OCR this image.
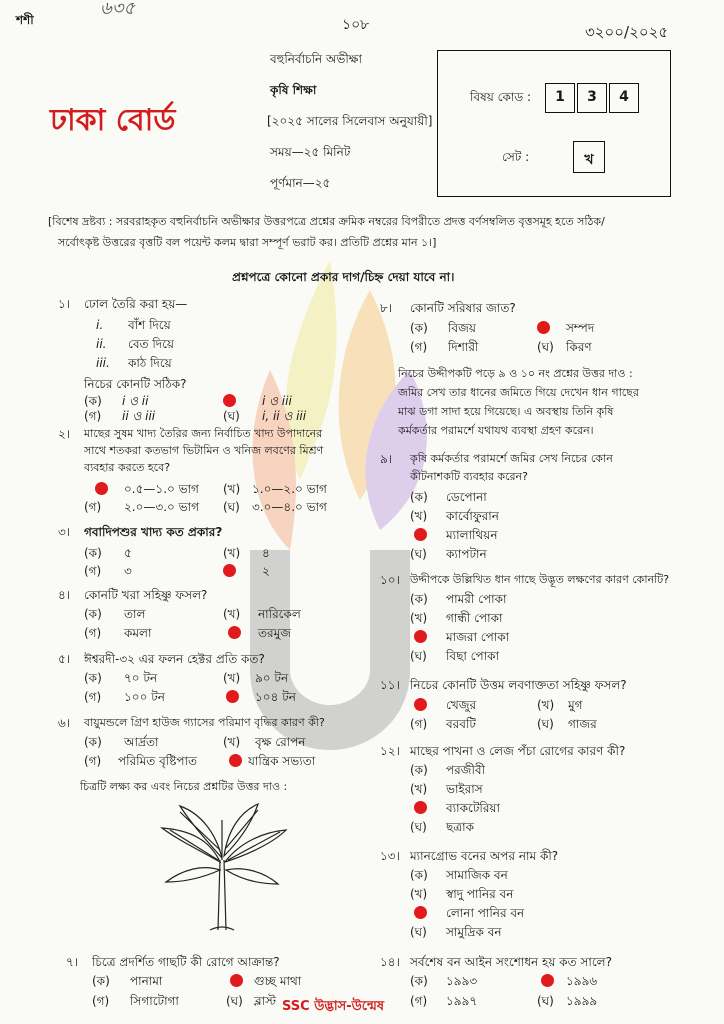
শশী
৬৩৫
১০৮	৩২০০/২০২৫
ঢাকা বোর্ড
বহুনির্বাচনি অভীক্ষা
কৃষি শিক্ষা
[২০২৫ সালের সিলেবাস অনুযায়ী]
সময়—২৫ মিনিট
পূর্ণমান—২৫
বিষয় কোড :	1	3	4
সেট :	খ
[বিশেষ দ্রষ্টব্য : সরবরাহকৃত বহুনির্বাচনি অভীক্ষার উত্তরপত্রে প্রশ্নের ক্রমিক নম্বরের বিপরীতে প্রদত্ত বর্ণসম্বলিত বৃত্তসমূহ হতে সঠিক/
সর্বোৎকৃষ্ট উত্তরের বৃত্তটি বল পয়েন্ট কলম দ্বারা সম্পূর্ণ ভরাট কর। প্রতিটি প্রশ্নের মান ১।]
প্রশ্নপত্রে কোনো প্রকার দাগ/চিহ্ন দেয়া যাবে না।
১। ঢোল তৈরি করা হয়—
i. বাঁশ দিয়ে
ii. বেত দিয়ে
iii. কাঠ দিয়ে
নিচের কোনটি সঠিক?
(ক) i ও ii	i ও iii
(গ) ii ও iii	(ঘ) i, ii ও iii
২। মাছের সুষম খাদ্য তৈরির জন্য নির্বাচিত খাদ্য উপাদানের
সাথে শতকরা কতভাগ ভিটামিন ও খনিজ লবণের মিশ্রণ
ব্যবহার করতে হবে?
০.৫—১.০ ভাগ (খ) ১.০—২.০ ভাগ
(গ) ২.০—৩.০ ভাগ (ঘ) ৩.০—৪.০ ভাগ
৩। গবাদিপশুর খাদ্য কত প্রকার?
(ক) ৫	(খ) ৪
(গ) ৩	২
৪। কোনটি খরা সহিষ্ণু ফসল?
(ক) তাল	(খ) নারিকেল
(গ) কমলা	তরমুজ
৫। ঈশ্বরদী-৩২ এর ফলন হেক্টর প্রতি কত?
(ক) ৭০ টন	(খ) ৯০ টন
(গ) ১০০ টন	১০৪ টন
৬। বায়ুমন্ডলে গ্রিণ হাউজ গ্যাসের পরিমাণ বৃদ্ধির কারণ কী?
(ক) আর্দ্রতা	(খ) বৃক্ষ রোপন
(গ) পরিমিত বৃষ্টিপাত	যান্ত্রিক সভ্যতা
চিত্রটি লক্ষ্য কর এবং নিচের প্রশ্নটির উত্তর দাও :
৭। চিত্রে প্রদর্শিত গাছটি কী রোগে আক্রান্ত?
(ক) পানামা	গুচ্ছ মাথা
(গ) সিগাটোগা	(ঘ) ব্লাস্ট SSC উদ্ভাস-উন্মেষ
৮। কোনটি সরিষার জাত?
(ক) বিজয়	সম্পদ
(গ) দিশারী	(ঘ) কিরণ
নিচের উদ্দীপকটি পড়ে ৯ ও ১০ নং প্রশ্নের উত্তর দাও :
জমির সেখ তার ধানের জমিতে গিয়ে দেখেন ধান গাছের
মাঝ ডগা সাদা হয়ে গিয়েছে। এ অবস্থায় তিনি কৃষি
কর্মকর্তার পরামর্শে যথাযথ ব্যবস্থা গ্রহণ করেন।
৯। কৃষি কর্মকর্তার পরামর্শে জমির সেখ নিচের কোন
কীটনাশকটি ব্যবহার করেন?
(ক) ডেপোনা
(খ) কার্বোফুরান
ম্যালাথিয়ন
(ঘ) ক্যাপটান
১০। উদ্দীপকে উল্লিখিত ধান গাছে উদ্ভূত লক্ষণের কারণ কোনটি?
(ক) পামরী পোকা
(খ) গান্ধী পোকা
মাজরা পোকা
(ঘ) বিছা পোকা
১১। নিচের কোনটি উত্তম লবণাক্ততা সহিষ্ণু ফসল?
খেজুর	(খ) মুগ
(গ) বরবটি	(ঘ) গাজর
১২। মাছের পাখনা ও লেজ পঁচা রোগের কারণ কী?
(ক) পরজীবী
(খ) ভাইরাস
ব্যাকটেরিয়া
(ঘ) ছত্রাক
১৩। ম্যানগ্রোভ বনের অপর নাম কী?
(ক) সামাজিক বন
(খ) স্বাদু পানির বন
লোনা পানির বন
(ঘ) সামুদ্রিক বন
১৪। সর্বশেষ বন আইন সংশোধন হয় কত সালে?
(ক) ১৯৯৩	১৯৯৬
(গ) ১৯৯৭	(ঘ) ১৯৯৯
